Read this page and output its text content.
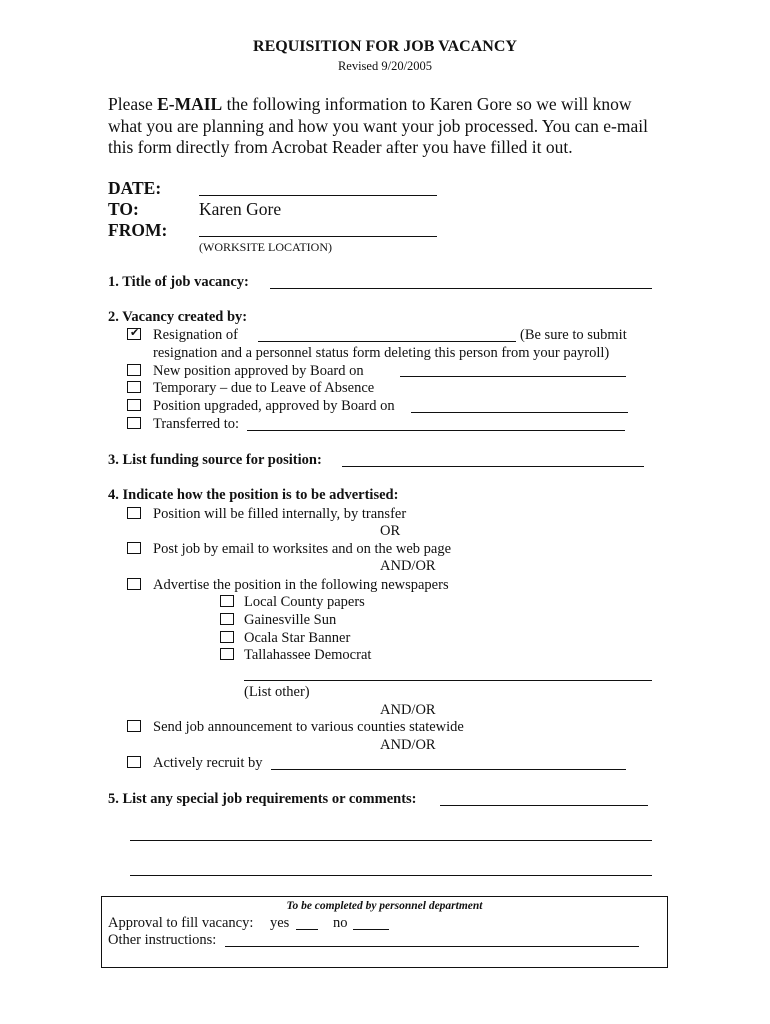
REQUISITION FOR JOB VACANCY
Revised 9/20/2005
Please E-MAIL the following information to Karen Gore so we will know
what you are planning and how you want your job processed. You can e-mail
this form directly from Acrobat Reader after you have filled it out.
DATE:
TO:	Karen Gore
FROM:
(WORKSITE LOCATION)
1. Title of job vacancy:
2. Vacancy created by:
✔ Resignation of	(Be sure to submit
resignation and a personnel status form deleting this person from your payroll)
New position approved by Board on
Temporary – due to Leave of Absence
Position upgraded, approved by Board on
Transferred to:
3. List funding source for position:
4. Indicate how the position is to be advertised:
Position will be filled internally, by transfer
OR
Post job by email to worksites and on the web page
AND/OR
Advertise the position in the following newspapers
Local County papers
Gainesville Sun
Ocala Star Banner
Tallahassee Democrat
(List other)
AND/OR
Send job announcement to various counties statewide
AND/OR
Actively recruit by
5. List any special job requirements or comments:
To be completed by personnel department
Approval to fill vacancy: yes	no
Other instructions:
